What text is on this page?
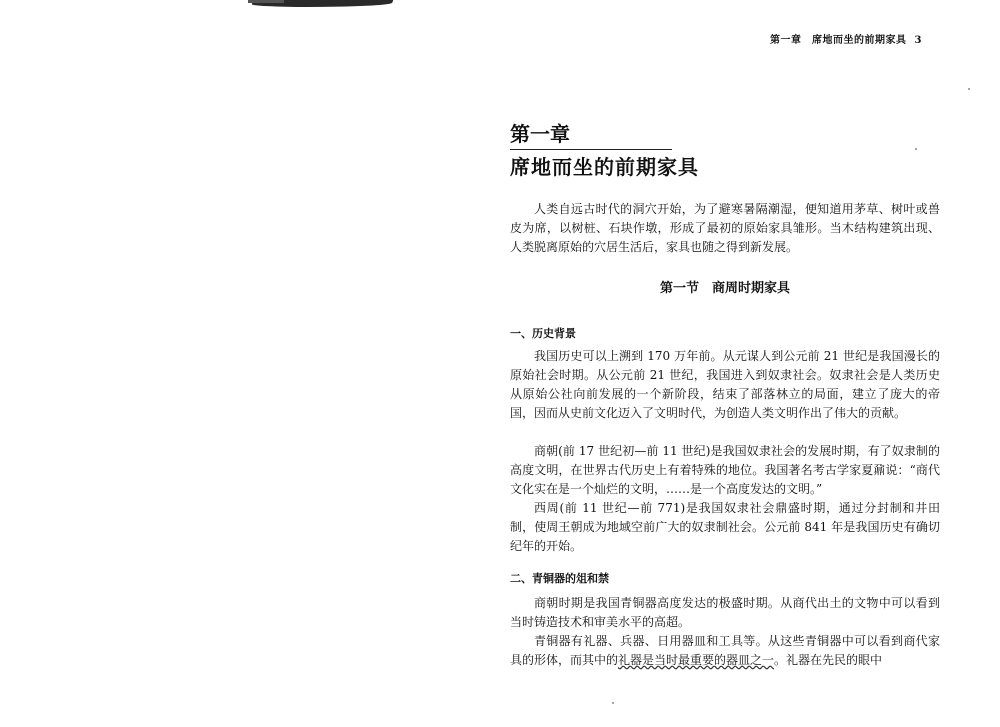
第一章　席地而坐的前期家具 3
第一章
席地而坐的前期家具

人类自远古时代的洞穴开始，为了避寒暑隔潮湿，便知道用茅草、树叶或兽皮为席，以树桩、石块作墩，形成了最初的原始家具雏形。当木结构建筑出现、人类脱离原始的穴居生活后，家具也随之得到新发展。

第一节　商周时期家具
一、历史背景

我国历史可以上溯到 170 万年前。从元谋人到公元前 21 世纪是我国漫长的原始社会时期。从公元前 21 世纪，我国进入到奴隶社会。奴隶社会是人类历史从原始公社向前发展的一个新阶段，结束了部落林立的局面，建立了庞大的帝国，因而从史前文化迈入了文明时代，为创造人类文明作出了伟大的贡献。

商朝(前 17 世纪初—前 11 世纪)是我国奴隶社会的发展时期，有了奴隶制的高度文明，在世界古代历史上有着特殊的地位。我国著名考古学家夏鼐说：“商代文化实在是一个灿烂的文明，……是一个高度发达的文明。”

西周(前 11 世纪—前 771)是我国奴隶社会鼎盛时期，通过分封制和井田制，使周王朝成为地域空前广大的奴隶制社会。公元前 841 年是我国历史有确切纪年的开始。

二、青铜器的俎和禁

商朝时期是我国青铜器高度发达的极盛时期。从商代出土的文物中可以看到当时铸造技术和审美水平的高超。

青铜器有礼器、兵器、日用器皿和工具等。从这些青铜器中可以看到商代家具的形体，而其中的礼器是当时最重要的器皿之一。礼器在先民的眼中
